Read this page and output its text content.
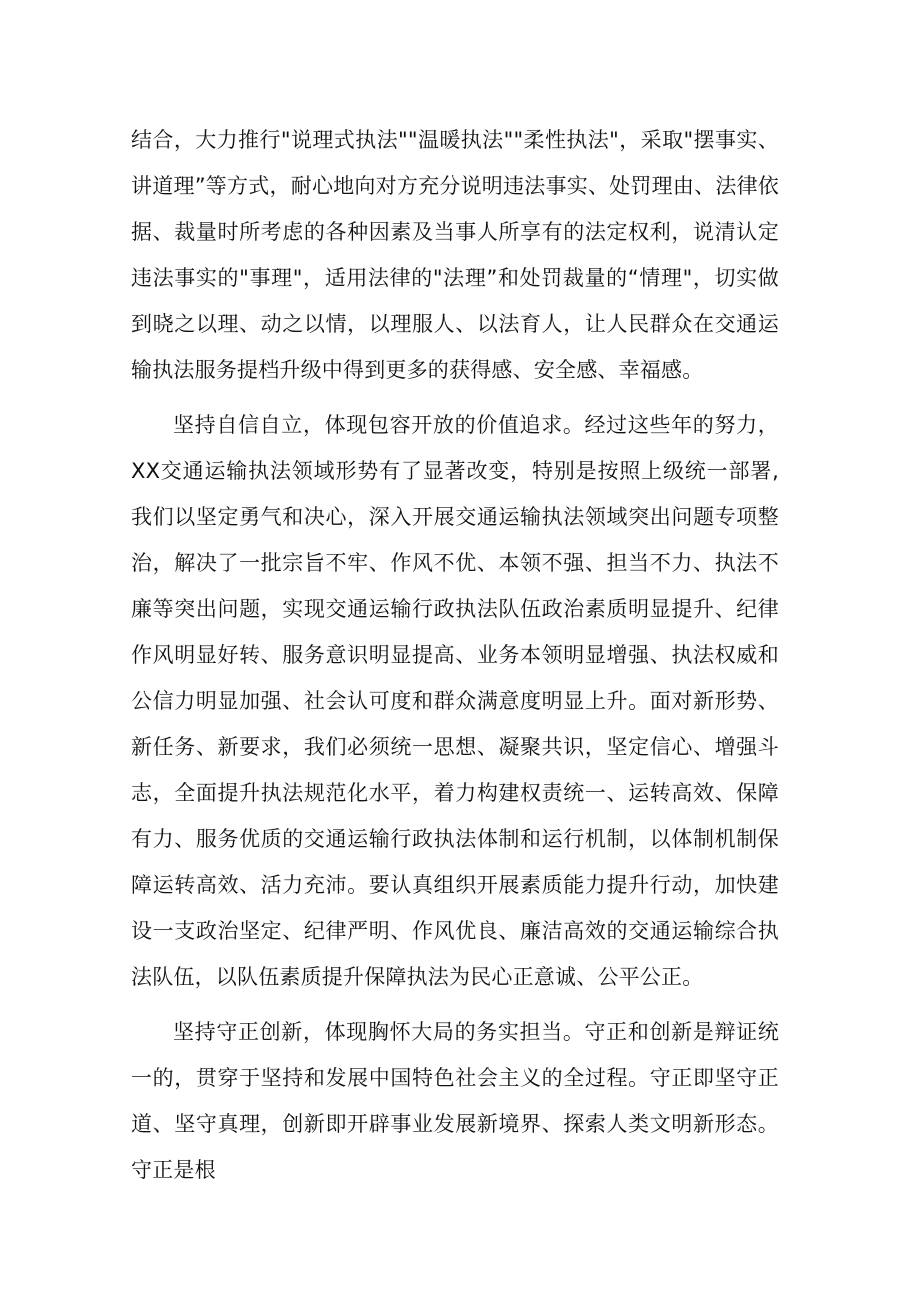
结合，大力推行"说理式执法""温暖执法""柔性执法"，采取"摆事实、讲道理”等方式，耐心地向对方充分说明违法事实、处罚理由、法律依据、裁量时所考虑的各种因素及当事人所享有的法定权利，说清认定违法事实的"事理"，适用法律的"法理”和处罚裁量的“情理"，切实做到晓之以理、动之以情，以理服人、以法育人，让人民群众在交通运输执法服务提档升级中得到更多的获得感、安全感、幸福感。

坚持自信自立，体现包容开放的价值追求。经过这些年的努力，XX交通运输执法领域形势有了显著改变，特别是按照上级统一部署,我们以坚定勇气和决心，深入开展交通运输执法领域突出问题专项整治，解决了一批宗旨不牢、作风不优、本领不强、担当不力、执法不廉等突出问题，实现交通运输行政执法队伍政治素质明显提升、纪律作风明显好转、服务意识明显提高、业务本领明显增强、执法权威和公信力明显加强、社会认可度和群众满意度明显上升。面对新形势、新任务、新要求，我们必须统一思想、凝聚共识，坚定信心、增强斗志，全面提升执法规范化水平，着力构建权责统一、运转高效、保障有力、服务优质的交通运输行政执法体制和运行机制，以体制机制保障运转高效、活力充沛。要认真组织开展素质能力提升行动，加快建设一支政治坚定、纪律严明、作风优良、廉洁高效的交通运输综合执法队伍，以队伍素质提升保障执法为民心正意诚、公平公正。

坚持守正创新，体现胸怀大局的务实担当。守正和创新是辩证统一的，贯穿于坚持和发展中国特色社会主义的全过程。守正即坚守正道、坚守真理，创新即开辟事业发展新境界、探索人类文明新形态。守正是根
